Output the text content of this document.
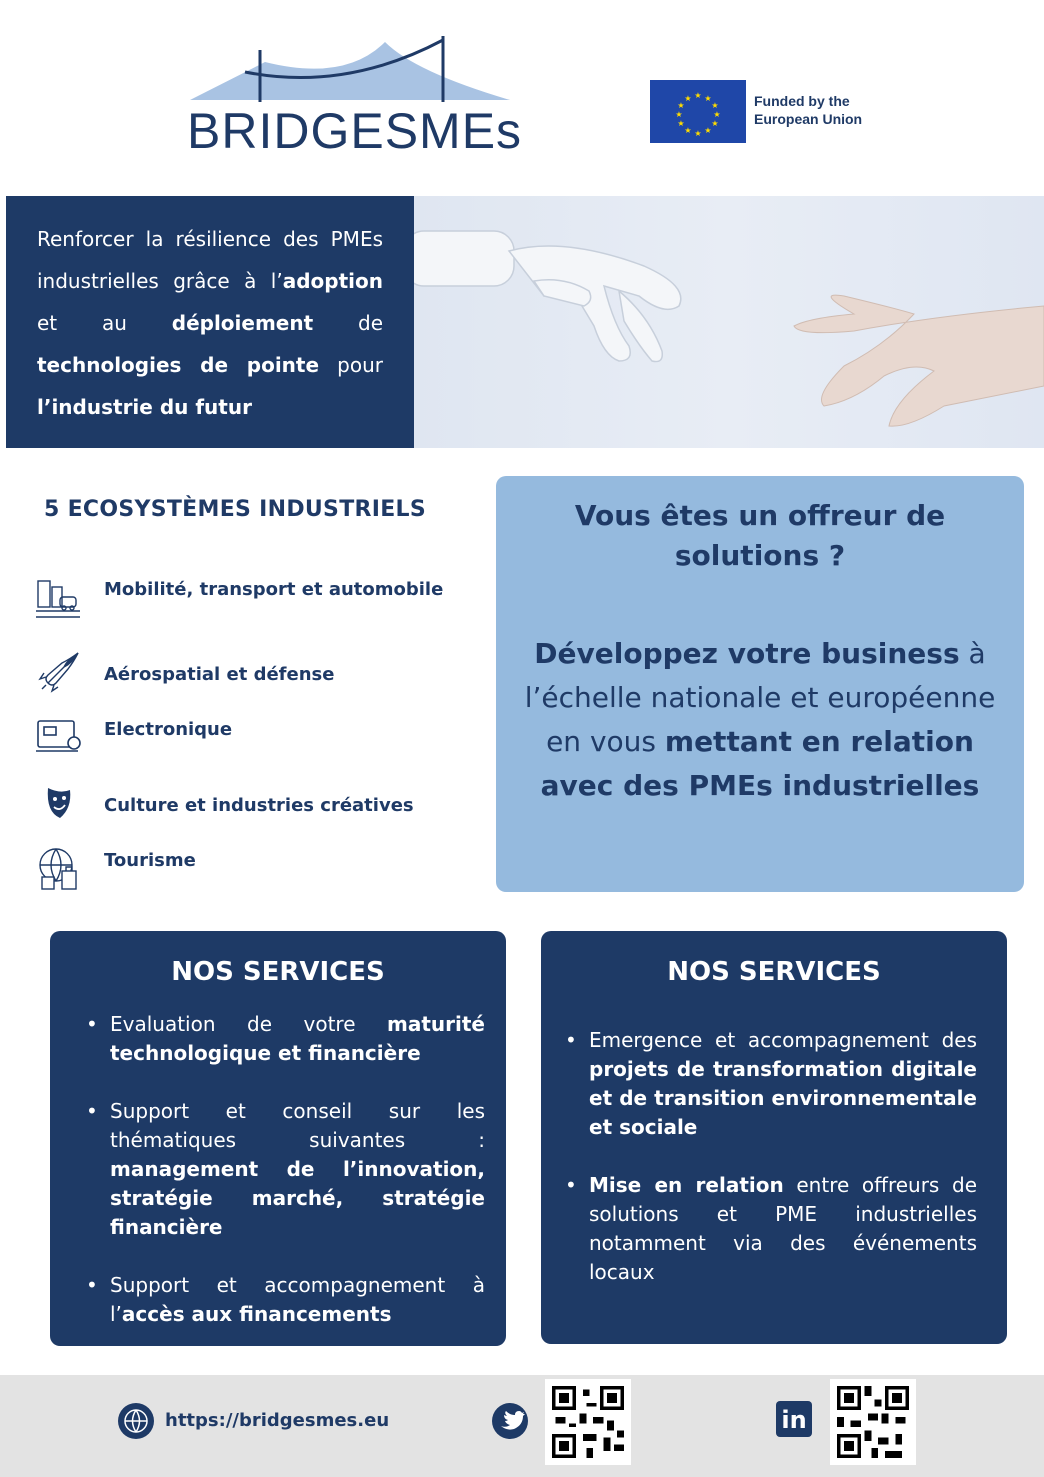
BRIDGESMEs
★ ★
★
★
★
★
★
★
★
★
★
★	Funded by the
European Union
Renforcer la résilience des PMEs industrielles grâce à l’adoption et au déploiement de technologies de pointe pour l’industrie du futur
5 ECOSYSTÈMES INDUSTRIELS
Mobilité, transport et automobile
Aérospatial et défense
Electronique
Culture et industries créatives
Tourisme
Vous êtes un offreur de solutions ?
Développez votre business à l’échelle nationale et européenne en vous mettant en relation avec des PMEs industrielles
NOS SERVICES
• Evaluation de votre maturité technologique et financière
• Support et conseil sur les thématiques suivantes : management de l’innovation, stratégie marché, stratégie financière
• Support et accompagnement à l’accès aux financements
NOS SERVICES
• Emergence et accompagnement des projets de transformation digitale et de transition environnementale et sociale
• Mise en relation entre offreurs de solutions et PME industrielles notamment via des événements locaux
https://bridgesmes.eu	in
